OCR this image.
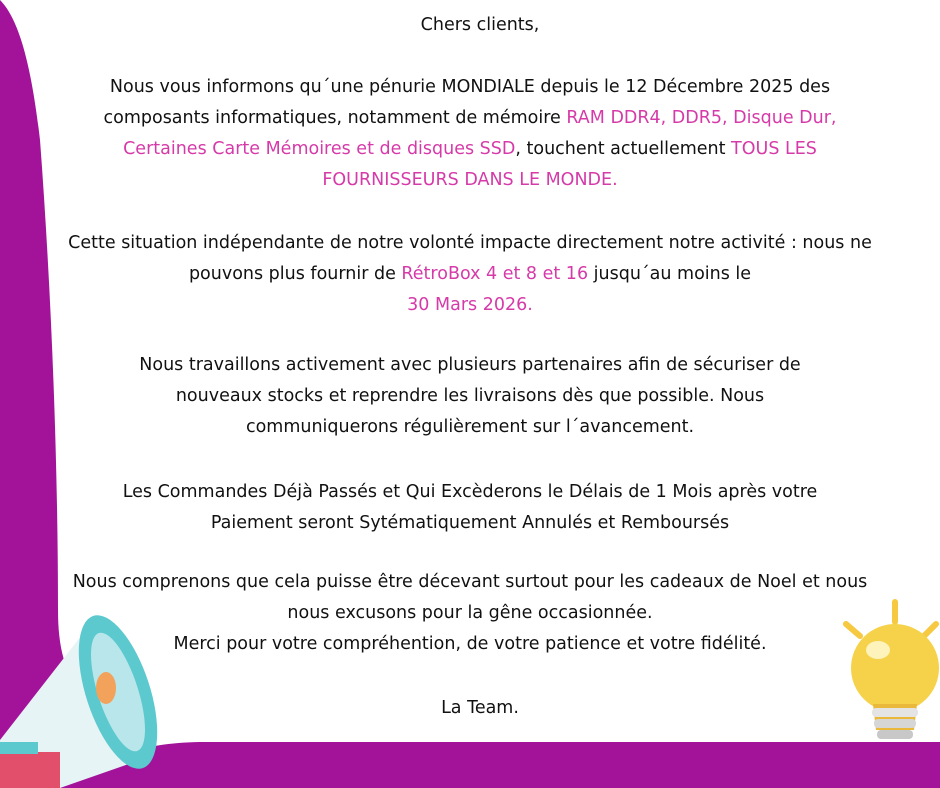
Chers clients,
Nous vous informons qu´une pénurie MONDIALE depuis le 12 Décembre 2025 des composants informatiques, notamment de mémoire RAM DDR4, DDR5, Disque Dur, Certaines Carte Mémoires et de disques SSD, touchent actuellement TOUS LES FOURNISSEURS DANS LE MONDE.
Cette situation indépendante de notre volonté impacte directement notre activité : nous ne pouvons plus fournir de RétroBox 4 et 8 et 16 jusqu´au moins le
30 Mars 2026.
Nous travaillons activement avec plusieurs partenaires afin de sécuriser de nouveaux stocks et reprendre les livraisons dès que possible. Nous communiquerons régulièrement sur l´avancement.
Les Commandes Déjà Passés et Qui Excèderons le Délais de 1 Mois après votre Paiement seront Sytématiquement Annulés et Remboursés
Nous comprenons que cela puisse être décevant surtout pour les cadeaux de Noel et nous nous excusons pour la gêne occasionnée.
Merci pour votre compréhention, de votre patience et votre fidélité.
La Team.
